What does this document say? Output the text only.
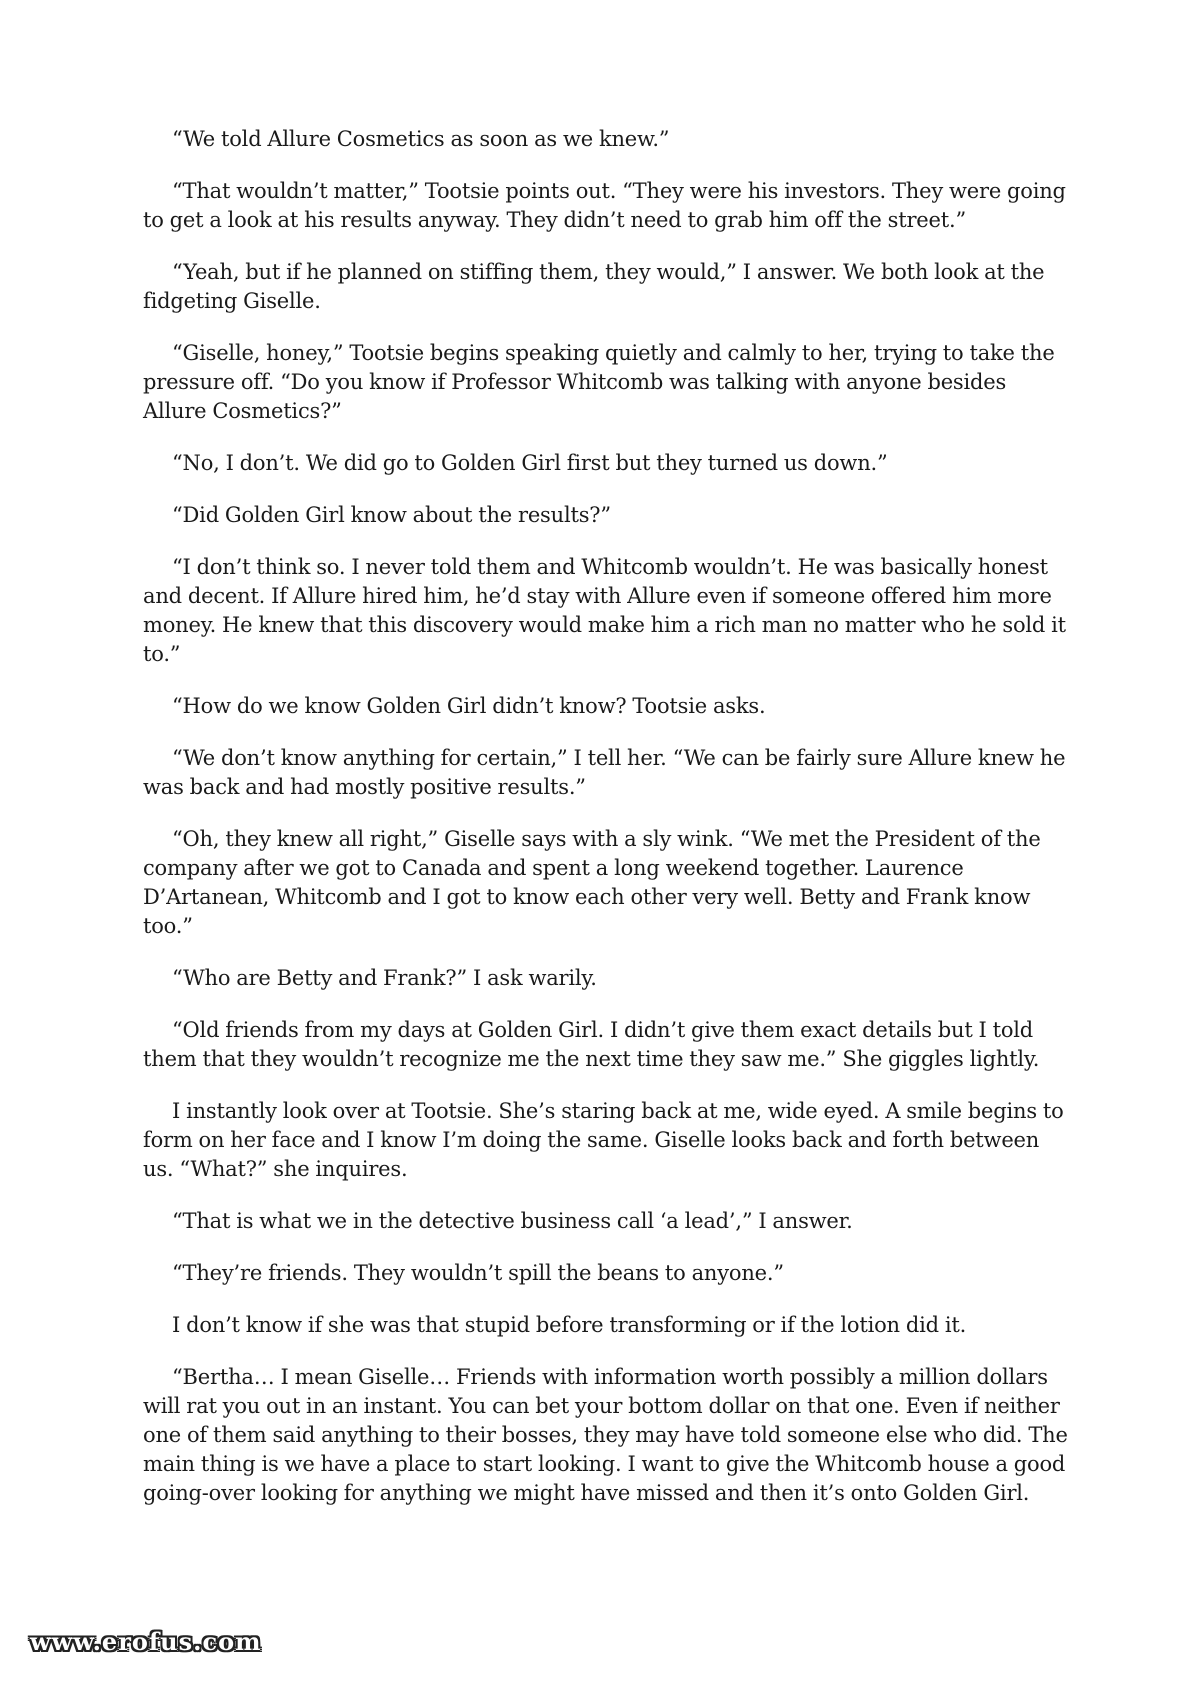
“We told Allure Cosmetics as soon as we knew.”

“That wouldn’t matter,” Tootsie points out. “They were his investors. They were going to get a look at his results anyway. They didn’t need to grab him off the street.”

“Yeah, but if he planned on stiffing them, they would,” I answer. We both look at the fidgeting Giselle.

“Giselle, honey,” Tootsie begins speaking quietly and calmly to her, trying to take the pressure off. “Do you know if Professor Whitcomb was talking with anyone besides Allure Cosmetics?”

“No, I don’t. We did go to Golden Girl first but they turned us down.”

“Did Golden Girl know about the results?”

“I don’t think so. I never told them and Whitcomb wouldn’t. He was basically honest and decent. If Allure hired him, he’d stay with Allure even if someone offered him more money. He knew that this discovery would make him a rich man no matter who he sold it to.”

“How do we know Golden Girl didn’t know? Tootsie asks.

“We don’t know anything for certain,” I tell her. “We can be fairly sure Allure knew he was back and had mostly positive results.”

“Oh, they knew all right,” Giselle says with a sly wink. “We met the President of the company after we got to Canada and spent a long weekend together. Laurence D’Artanean, Whitcomb and I got to know each other very well. Betty and Frank know too.”

“Who are Betty and Frank?” I ask warily.

“Old friends from my days at Golden Girl. I didn’t give them exact details but I told them that they wouldn’t recognize me the next time they saw me.” She giggles lightly.

I instantly look over at Tootsie. She’s staring back at me, wide eyed. A smile begins to form on her face and I know I’m doing the same. Giselle looks back and forth between us. “What?” she inquires.

“That is what we in the detective business call ‘a lead’,” I answer.

“They’re friends. They wouldn’t spill the beans to anyone.”

I don’t know if she was that stupid before transforming or if the lotion did it.

“Bertha… I mean Giselle… Friends with information worth possibly a million dollars will rat you out in an instant. You can bet your bottom dollar on that one. Even if neither one of them said anything to their bosses, they may have told someone else who did. The main thing is we have a place to start looking. I want to give the Whitcomb house a good going-over looking for anything we might have missed and then it’s onto Golden Girl.

www.erofus.com
